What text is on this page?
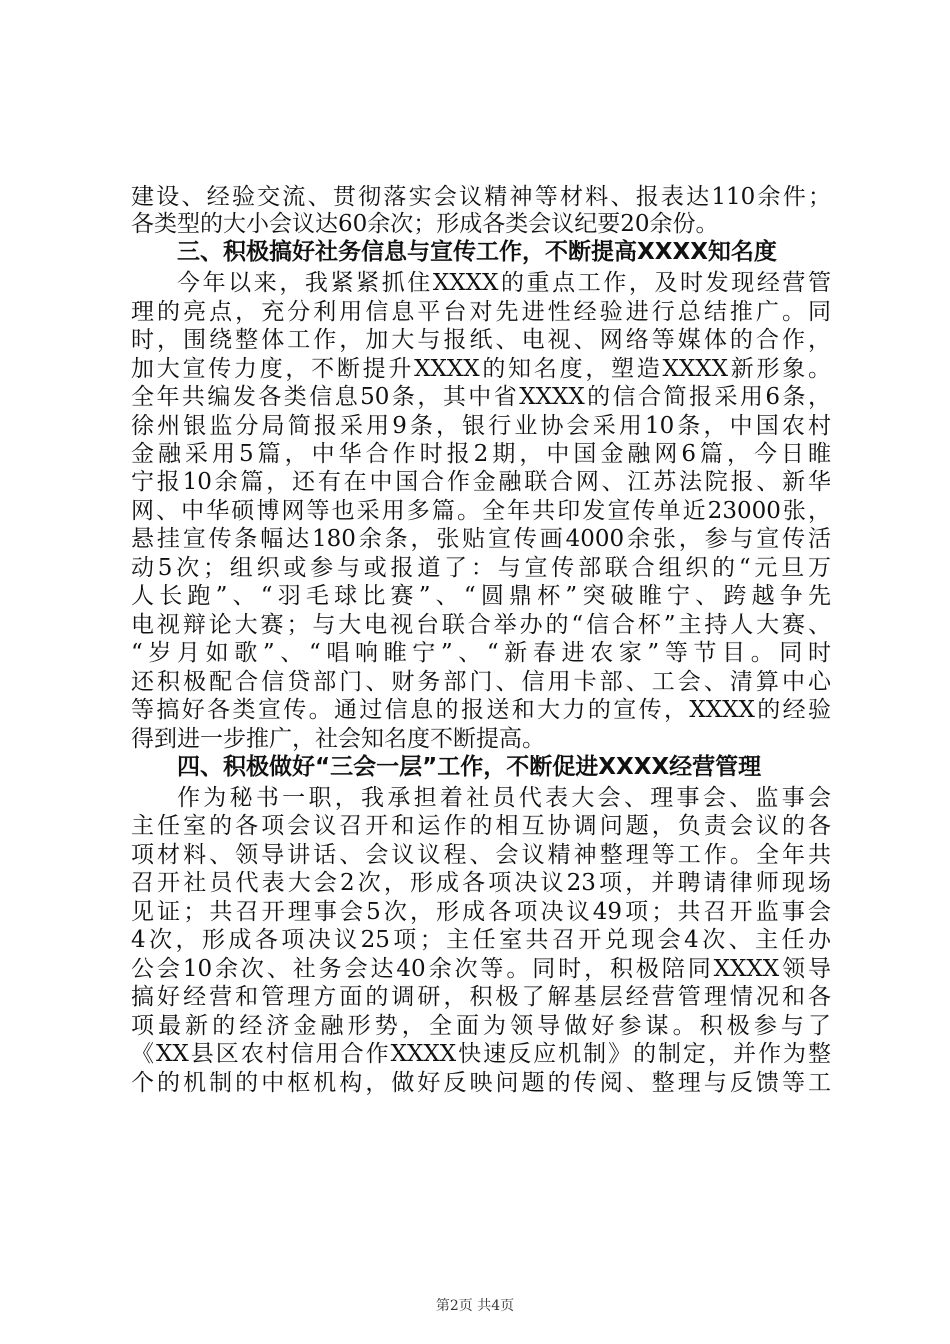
建设、经验交流、贯彻落实会议精神等材料、报表达110余件；
各类型的大小会议达60余次；形成各类会议纪要20余份。
三、积极搞好社务信息与宣传工作，不断提高XXXX知名度
今年以来，我紧紧抓住XXXX的重点工作，及时发现经营管
理的亮点，充分利用信息平台对先进性经验进行总结推广。同
时，围绕整体工作，加大与报纸、电视、网络等媒体的合作，
加大宣传力度，不断提升XXXX的知名度，塑造XXXX新形象。
全年共编发各类信息50条，其中省XXXX的信合简报采用6条，
徐州银监分局简报采用9条，银行业协会采用10条，中国农村
金融采用5篇，中华合作时报2期，中国金融网6篇，今日睢
宁报10余篇，还有在中国合作金融联合网、江苏法院报、新华
网、中华硕博网等也采用多篇。全年共印发宣传单近23000张，
悬挂宣传条幅达180余条，张贴宣传画4000余张，参与宣传活
动5次；组织或参与或报道了：与宣传部联合组织的“元旦万
人长跑”、“羽毛球比赛”、“圆鼎杯”突破睢宁、跨越争先
电视辩论大赛；与大电视台联合举办的“信合杯”主持人大赛、
“岁月如歌”、“唱响睢宁”、“新春进农家”等节目。同时
还积极配合信贷部门、财务部门、信用卡部、工会、清算中心
等搞好各类宣传。通过信息的报送和大力的宣传，XXXX的经验
得到进一步推广，社会知名度不断提高。
四、积极做好“三会一层”工作，不断促进XXXX经营管理
作为秘书一职，我承担着社员代表大会、理事会、监事会
主任室的各项会议召开和运作的相互协调问题，负责会议的各
项材料、领导讲话、会议议程、会议精神整理等工作。全年共
召开社员代表大会2次，形成各项决议23项，并聘请律师现场
见证；共召开理事会5次，形成各项决议49项；共召开监事会
4次，形成各项决议25项；主任室共召开兑现会4次、主任办
公会10余次、社务会达40余次等。同时，积极陪同XXXX领导
搞好经营和管理方面的调研，积极了解基层经营管理情况和各
项最新的经济金融形势，全面为领导做好参谋。积极参与了
《XX县区农村信用合作XXXX快速反应机制》的制定，并作为整
个的机制的中枢机构，做好反映问题的传阅、整理与反馈等工
第2页 共4页
